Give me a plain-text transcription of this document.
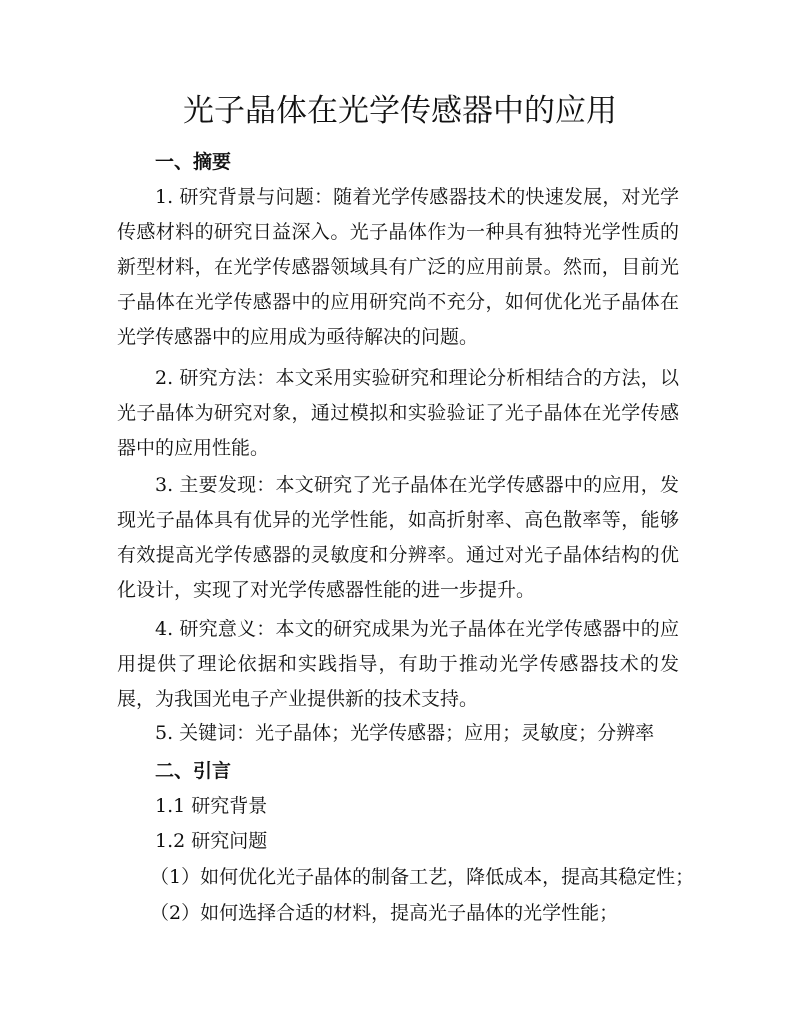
光子晶体在光学传感器中的应用
一、摘要

1. 研究背景与问题：随着光学传感器技术的快速发展，对光学传感材料的研究日益深入。光子晶体作为一种具有独特光学性质的新型材料，在光学传感器领域具有广泛的应用前景。然而，目前光子晶体在光学传感器中的应用研究尚不充分，如何优化光子晶体在光学传感器中的应用成为亟待解决的问题。

2. 研究方法：本文采用实验研究和理论分析相结合的方法，以光子晶体为研究对象，通过模拟和实验验证了光子晶体在光学传感器中的应用性能。

3. 主要发现：本文研究了光子晶体在光学传感器中的应用，发现光子晶体具有优异的光学性能，如高折射率、高色散率等，能够有效提高光学传感器的灵敏度和分辨率。通过对光子晶体结构的优化设计，实现了对光学传感器性能的进一步提升。

4. 研究意义：本文的研究成果为光子晶体在光学传感器中的应用提供了理论依据和实践指导，有助于推动光学传感器技术的发展，为我国光电子产业提供新的技术支持。

5. 关键词：光子晶体；光学传感器；应用；灵敏度；分辨率

二、引言

1.1 研究背景

1.2 研究问题

（1）如何优化光子晶体的制备工艺，降低成本，提高其稳定性；

（2）如何选择合适的材料，提高光子晶体的光学性能；
